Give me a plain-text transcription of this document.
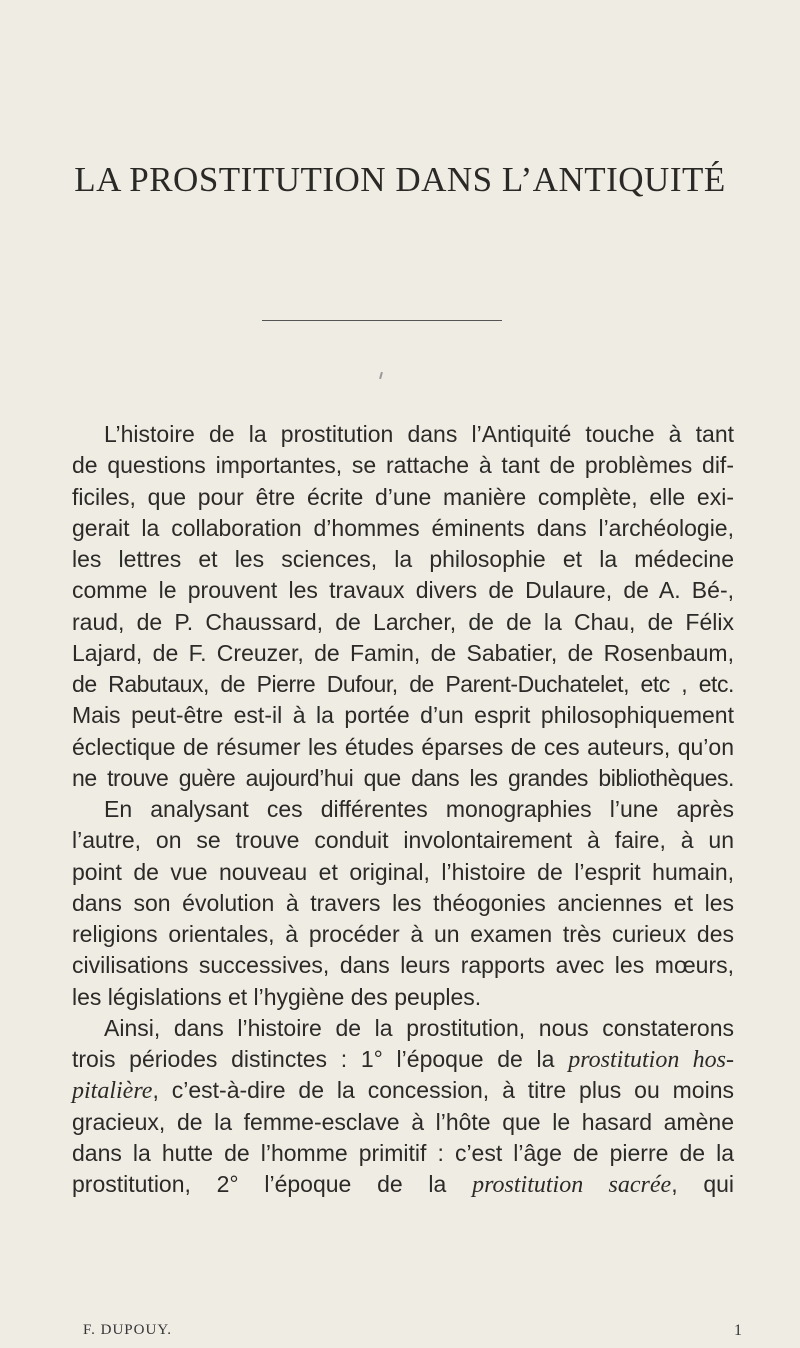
LA PROSTITUTION DANS L’ANTIQUITÉ
L’histoire de la prostitution dans l’Antiquité touche à tant
de questions importantes, se rattache à tant de problèmes dif-
ficiles, que pour être écrite d’une manière complète, elle exi-
gerait la collaboration d’hommes éminents dans l’archéologie,
les lettres et les sciences, la philosophie et la médecine
comme le prouvent les travaux divers de Dulaure, de A. Bé-,
raud, de P. Chaussard, de Larcher, de de la Chau, de Félix
Lajard, de F. Creuzer, de Famin, de Sabatier, de Rosenbaum,
de Rabutaux, de Pierre Dufour, de Parent-Duchatelet, etc , etc.
Mais peut-être est-il à la portée d’un esprit philosophiquement
éclectique de résumer les études éparses de ces auteurs, qu’on
ne trouve guère aujourd’hui que dans les grandes bibliothèques.
En analysant ces différentes monographies l’une après
l’autre, on se trouve conduit involontairement à faire, à un
point de vue nouveau et original, l’histoire de l’esprit humain,
dans son évolution à travers les théogonies anciennes et les
religions orientales, à procéder à un examen très curieux des
civilisations successives, dans leurs rapports avec les mœurs,
les législations et l’hygiène des peuples.
Ainsi, dans l’histoire de la prostitution, nous constaterons
trois périodes distinctes : 1° l’époque de la prostitution hos-
pitalière, c’est-à-dire de la concession, à titre plus ou moins
gracieux, de la femme-esclave à l’hôte que le hasard amène
dans la hutte de l’homme primitif : c’est l’âge de pierre de la
prostitution, 2° l’époque de la prostitution sacrée, qui
F. DUPOUY.	1
